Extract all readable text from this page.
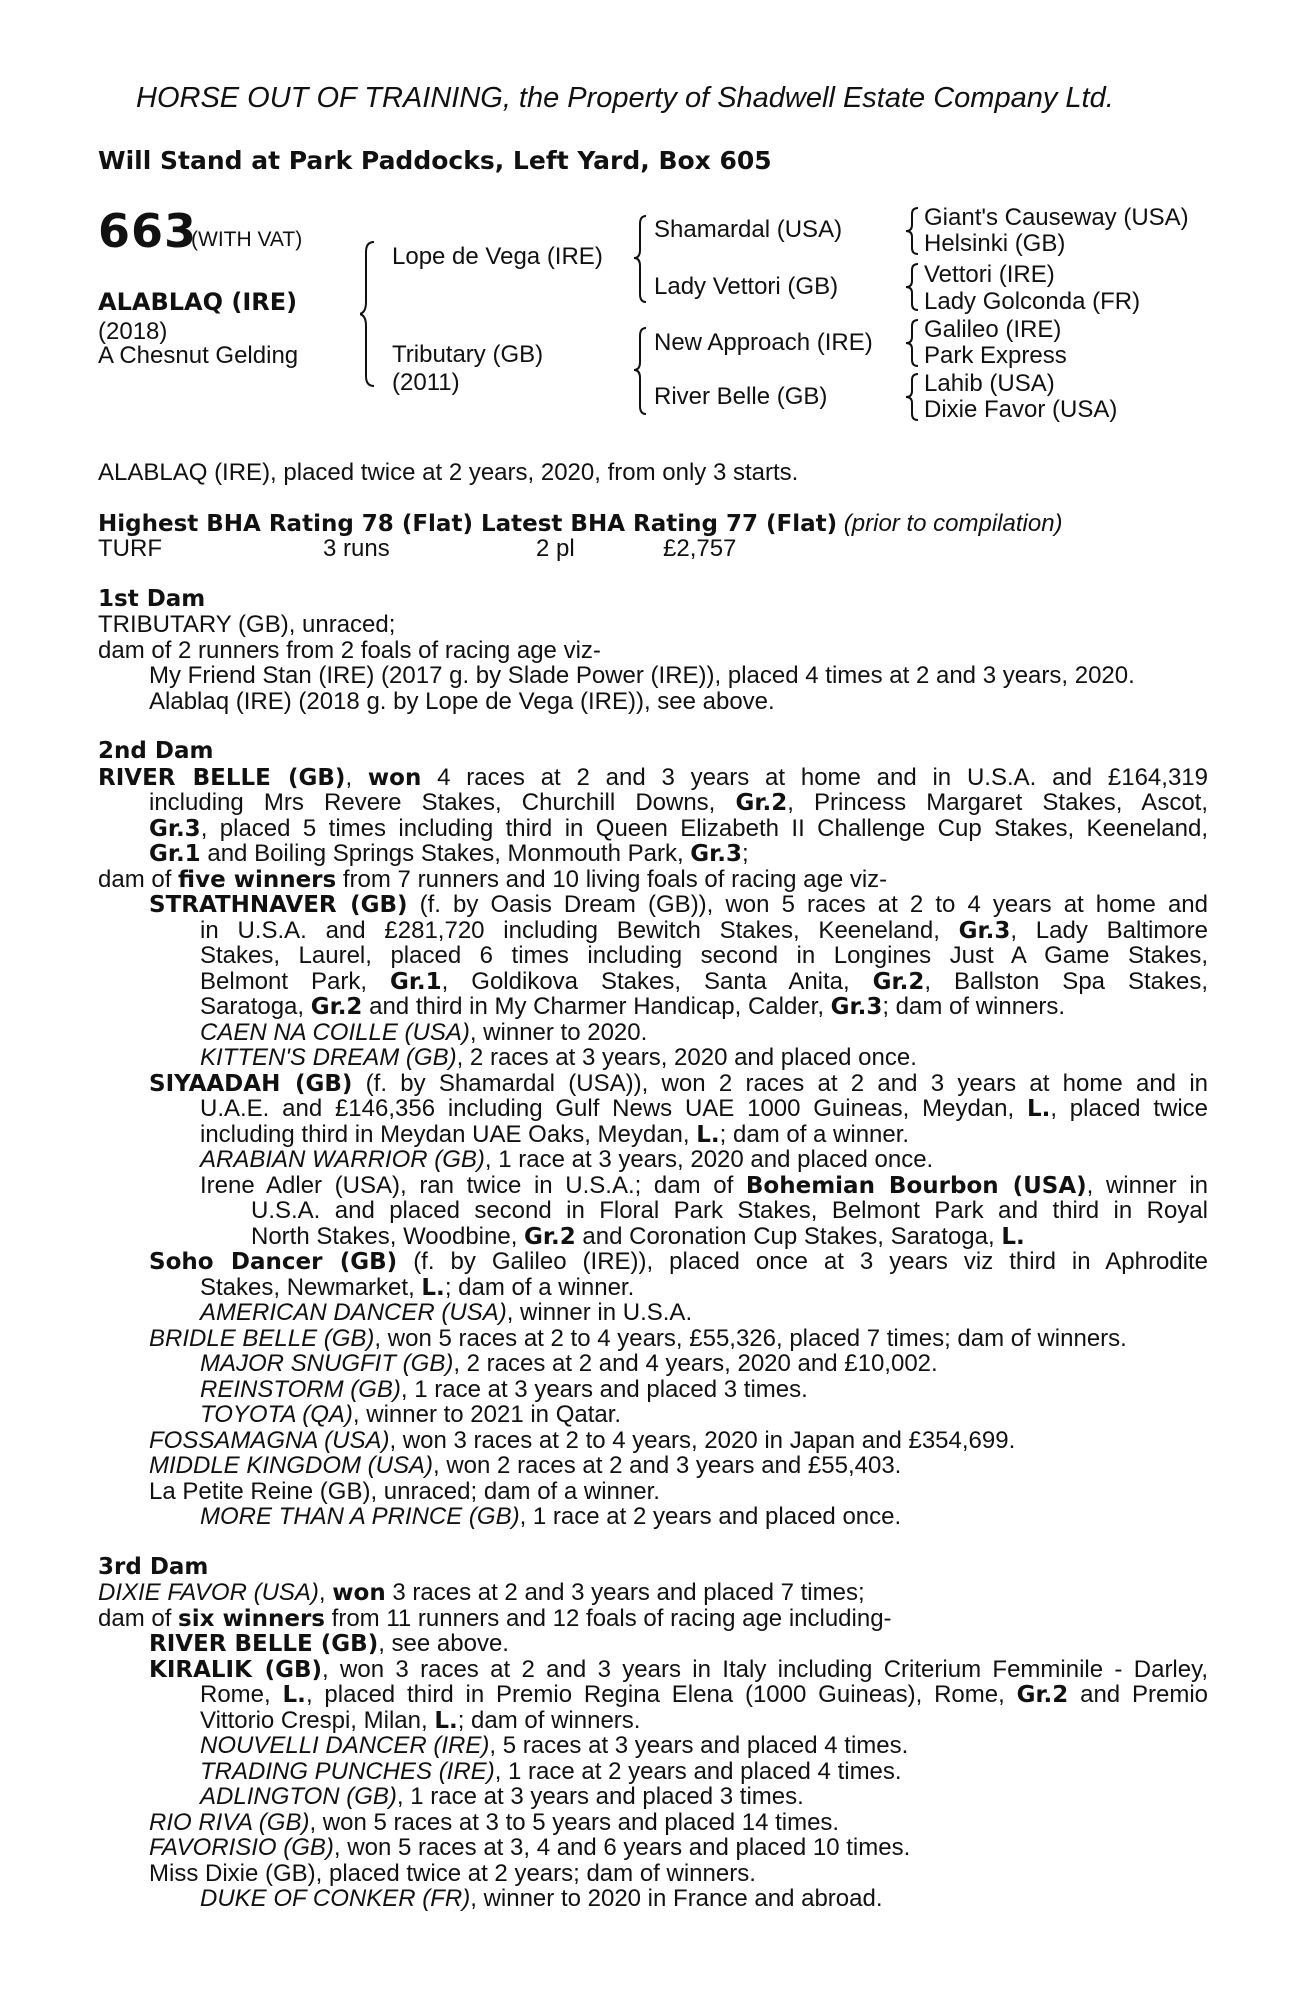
HORSE OUT OF TRAINING, the Property of Shadwell Estate Company Ltd.
Will Stand at Park Paddocks, Left Yard, Box 605
663
(WITH VAT)
ALABLAQ (IRE)
(2018)
A Chesnut Gelding
Lope de Vega (IRE)
Tributary (GB)
(2011)
Shamardal (USA)
Lady Vettori (GB)
New Approach (IRE)
River Belle (GB)
Giant's Causeway (USA)
Helsinki (GB)
Vettori (IRE)
Lady Golconda (FR)
Galileo (IRE)
Park Express
Lahib (USA)
Dixie Favor (USA)
ALABLAQ (IRE), placed twice at 2 years, 2020, from only 3 starts.
Highest BHA Rating 78 (Flat) Latest BHA Rating 77 (Flat) (prior to compilation)
TURF	3 runs	2 pl	£2,757
1st Dam
TRIBUTARY (GB), unraced;
dam of 2 runners from 2 foals of racing age viz-
My Friend Stan (IRE) (2017 g. by Slade Power (IRE)), placed 4 times at 2 and 3 years, 2020.
Alablaq (IRE) (2018 g. by Lope de Vega (IRE)), see above.
2nd Dam
RIVER BELLE (GB), won 4 races at 2 and 3 years at home and in U.S.A. and £164,319
including Mrs Revere Stakes, Churchill Downs, Gr.2, Princess Margaret Stakes, Ascot,
Gr.3, placed 5 times including third in Queen Elizabeth II Challenge Cup Stakes, Keeneland,
Gr.1 and Boiling Springs Stakes, Monmouth Park, Gr.3;
dam of five winners from 7 runners and 10 living foals of racing age viz-
STRATHNAVER (GB) (f. by Oasis Dream (GB)), won 5 races at 2 to 4 years at home and
in U.S.A. and £281,720 including Bewitch Stakes, Keeneland, Gr.3, Lady Baltimore
Stakes, Laurel, placed 6 times including second in Longines Just A Game Stakes,
Belmont Park, Gr.1, Goldikova Stakes, Santa Anita, Gr.2, Ballston Spa Stakes,
Saratoga, Gr.2 and third in My Charmer Handicap, Calder, Gr.3; dam of winners.
CAEN NA COILLE (USA), winner to 2020.
KITTEN'S DREAM (GB), 2 races at 3 years, 2020 and placed once.
SIYAADAH (GB) (f. by Shamardal (USA)), won 2 races at 2 and 3 years at home and in
U.A.E. and £146,356 including Gulf News UAE 1000 Guineas, Meydan, L., placed twice
including third in Meydan UAE Oaks, Meydan, L.; dam of a winner.
ARABIAN WARRIOR (GB), 1 race at 3 years, 2020 and placed once.
Irene Adler (USA), ran twice in U.S.A.; dam of Bohemian Bourbon (USA), winner in
U.S.A. and placed second in Floral Park Stakes, Belmont Park and third in Royal
North Stakes, Woodbine, Gr.2 and Coronation Cup Stakes, Saratoga, L.
Soho Dancer (GB) (f. by Galileo (IRE)), placed once at 3 years viz third in Aphrodite
Stakes, Newmarket, L.; dam of a winner.
AMERICAN DANCER (USA), winner in U.S.A.
BRIDLE BELLE (GB), won 5 races at 2 to 4 years, £55,326, placed 7 times; dam of winners.
MAJOR SNUGFIT (GB), 2 races at 2 and 4 years, 2020 and £10,002.
REINSTORM (GB), 1 race at 3 years and placed 3 times.
TOYOTA (QA), winner to 2021 in Qatar.
FOSSAMAGNA (USA), won 3 races at 2 to 4 years, 2020 in Japan and £354,699.
MIDDLE KINGDOM (USA), won 2 races at 2 and 3 years and £55,403.
La Petite Reine (GB), unraced; dam of a winner.
MORE THAN A PRINCE (GB), 1 race at 2 years and placed once.
3rd Dam
DIXIE FAVOR (USA), won 3 races at 2 and 3 years and placed 7 times;
dam of six winners from 11 runners and 12 foals of racing age including-
RIVER BELLE (GB), see above.
KIRALIK (GB), won 3 races at 2 and 3 years in Italy including Criterium Femminile - Darley,
Rome, L., placed third in Premio Regina Elena (1000 Guineas), Rome, Gr.2 and Premio
Vittorio Crespi, Milan, L.; dam of winners.
NOUVELLI DANCER (IRE), 5 races at 3 years and placed 4 times.
TRADING PUNCHES (IRE), 1 race at 2 years and placed 4 times.
ADLINGTON (GB), 1 race at 3 years and placed 3 times.
RIO RIVA (GB), won 5 races at 3 to 5 years and placed 14 times.
FAVORISIO (GB), won 5 races at 3, 4 and 6 years and placed 10 times.
Miss Dixie (GB), placed twice at 2 years; dam of winners.
DUKE OF CONKER (FR), winner to 2020 in France and abroad.
